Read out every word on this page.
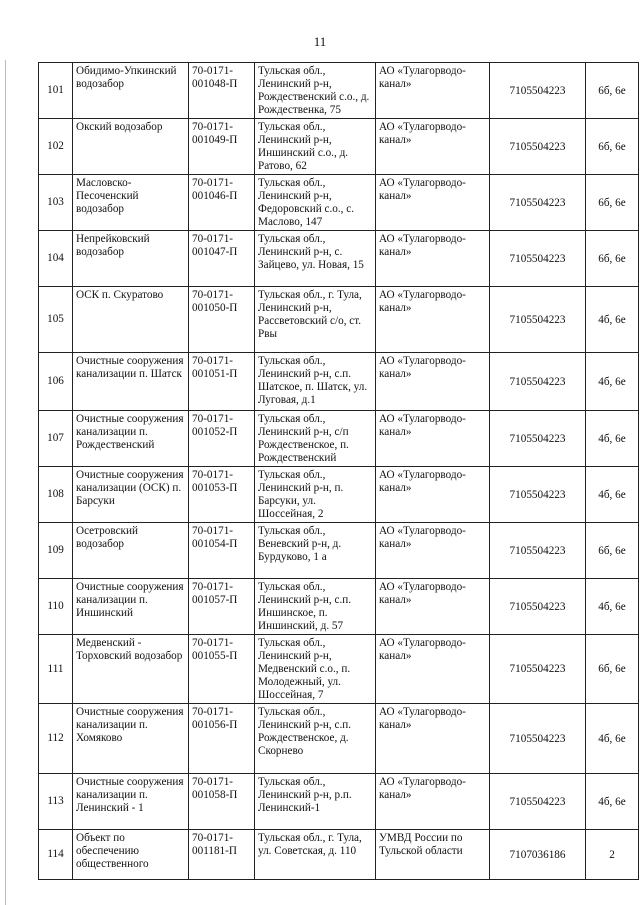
11
101	Обидимо-Упкинский водозабор	70-0171-001048-П	Тульская обл., Ленинский р-н, Рождественский с.о., д. Рождественка, 75	АО «Тулагорводо-канал»	7105504223	6б, 6е
102	Окский водозабор	70-0171-001049-П	Тульская обл., Ленинский р-н, Иншинский с.о., д. Ратово, 62	АО «Тулагорводо-канал»	7105504223	6б, 6е
103	Масловско-Песоченский водозабор	70-0171-001046-П	Тульская обл., Ленинский р-н, Федоровский с.о., с. Маслово, 147	АО «Тулагорводо-канал»	7105504223	6б, 6е
104	Непрейковский водозабор	70-0171-001047-П	Тульская обл., Ленинский р-н, с. Зайцево, ул. Новая, 15	АО «Тулагорводо-канал»	7105504223	6б, 6е
105	ОСК п. Скуратово	70-0171-001050-П	Тульская обл., г. Тула, Ленинский р-н, Рассветовский с/о, ст. Рвы	АО «Тулагорводо-канал»	7105504223	4б, 6е
106	Очистные сооружения канализации п. Шатск	70-0171-001051-П	Тульская обл., Ленинский р-н, с.п. Шатское, п. Шатск, ул. Луговая, д.1	АО «Тулагорводо-канал»	7105504223	4б, 6е
107	Очистные сооружения канализации п. Рождественский	70-0171-001052-П	Тульская обл., Ленинский р-н, с/п Рождественское, п. Рождественский	АО «Тулагорводо-канал»	7105504223	4б, 6е
108	Очистные сооружения канализации (ОСК) п. Барсуки	70-0171-001053-П	Тульская обл., Ленинский р-н, п. Барсуки, ул. Шоссейная, 2	АО «Тулагорводо-канал»	7105504223	4б, 6е
109	Осетровский водозабор	70-0171-001054-П	Тульская обл., Веневский р-н, д. Бурдуково, 1 а	АО «Тулагорводо-канал»	7105504223	6б, 6е
110	Очистные сооружения канализации п. Иншинский	70-0171-001057-П	Тульская обл., Ленинский р-н, с.п. Иншинское, п. Иншинский, д. 57	АО «Тулагорводо-канал»	7105504223	4б, 6е
111	Медвенский - Торховский водозабор	70-0171-001055-П	Тульская обл., Ленинский р-н, Медвенский с.о., п. Молодежный, ул. Шоссейная, 7	АО «Тулагорводо-канал»	7105504223	6б, 6е
112	Очистные сооружения канализации п. Хомяково	70-0171-001056-П	Тульская обл., Ленинский р-н, с.п. Рождественское, д. Скорнево	АО «Тулагорводо-канал»	7105504223	4б, 6е
113	Очистные сооружения канализации п. Ленинский - 1	70-0171-001058-П	Тульская обл., Ленинский р-н, р.п. Ленинский-1	АО «Тулагорводо-канал»	7105504223	4б, 6е
114	Объект по обеспечению общественного	70-0171-001181-П	Тульская обл., г. Тула, ул. Советская, д. 110	УМВД России по Тульской области	7107036186	2
